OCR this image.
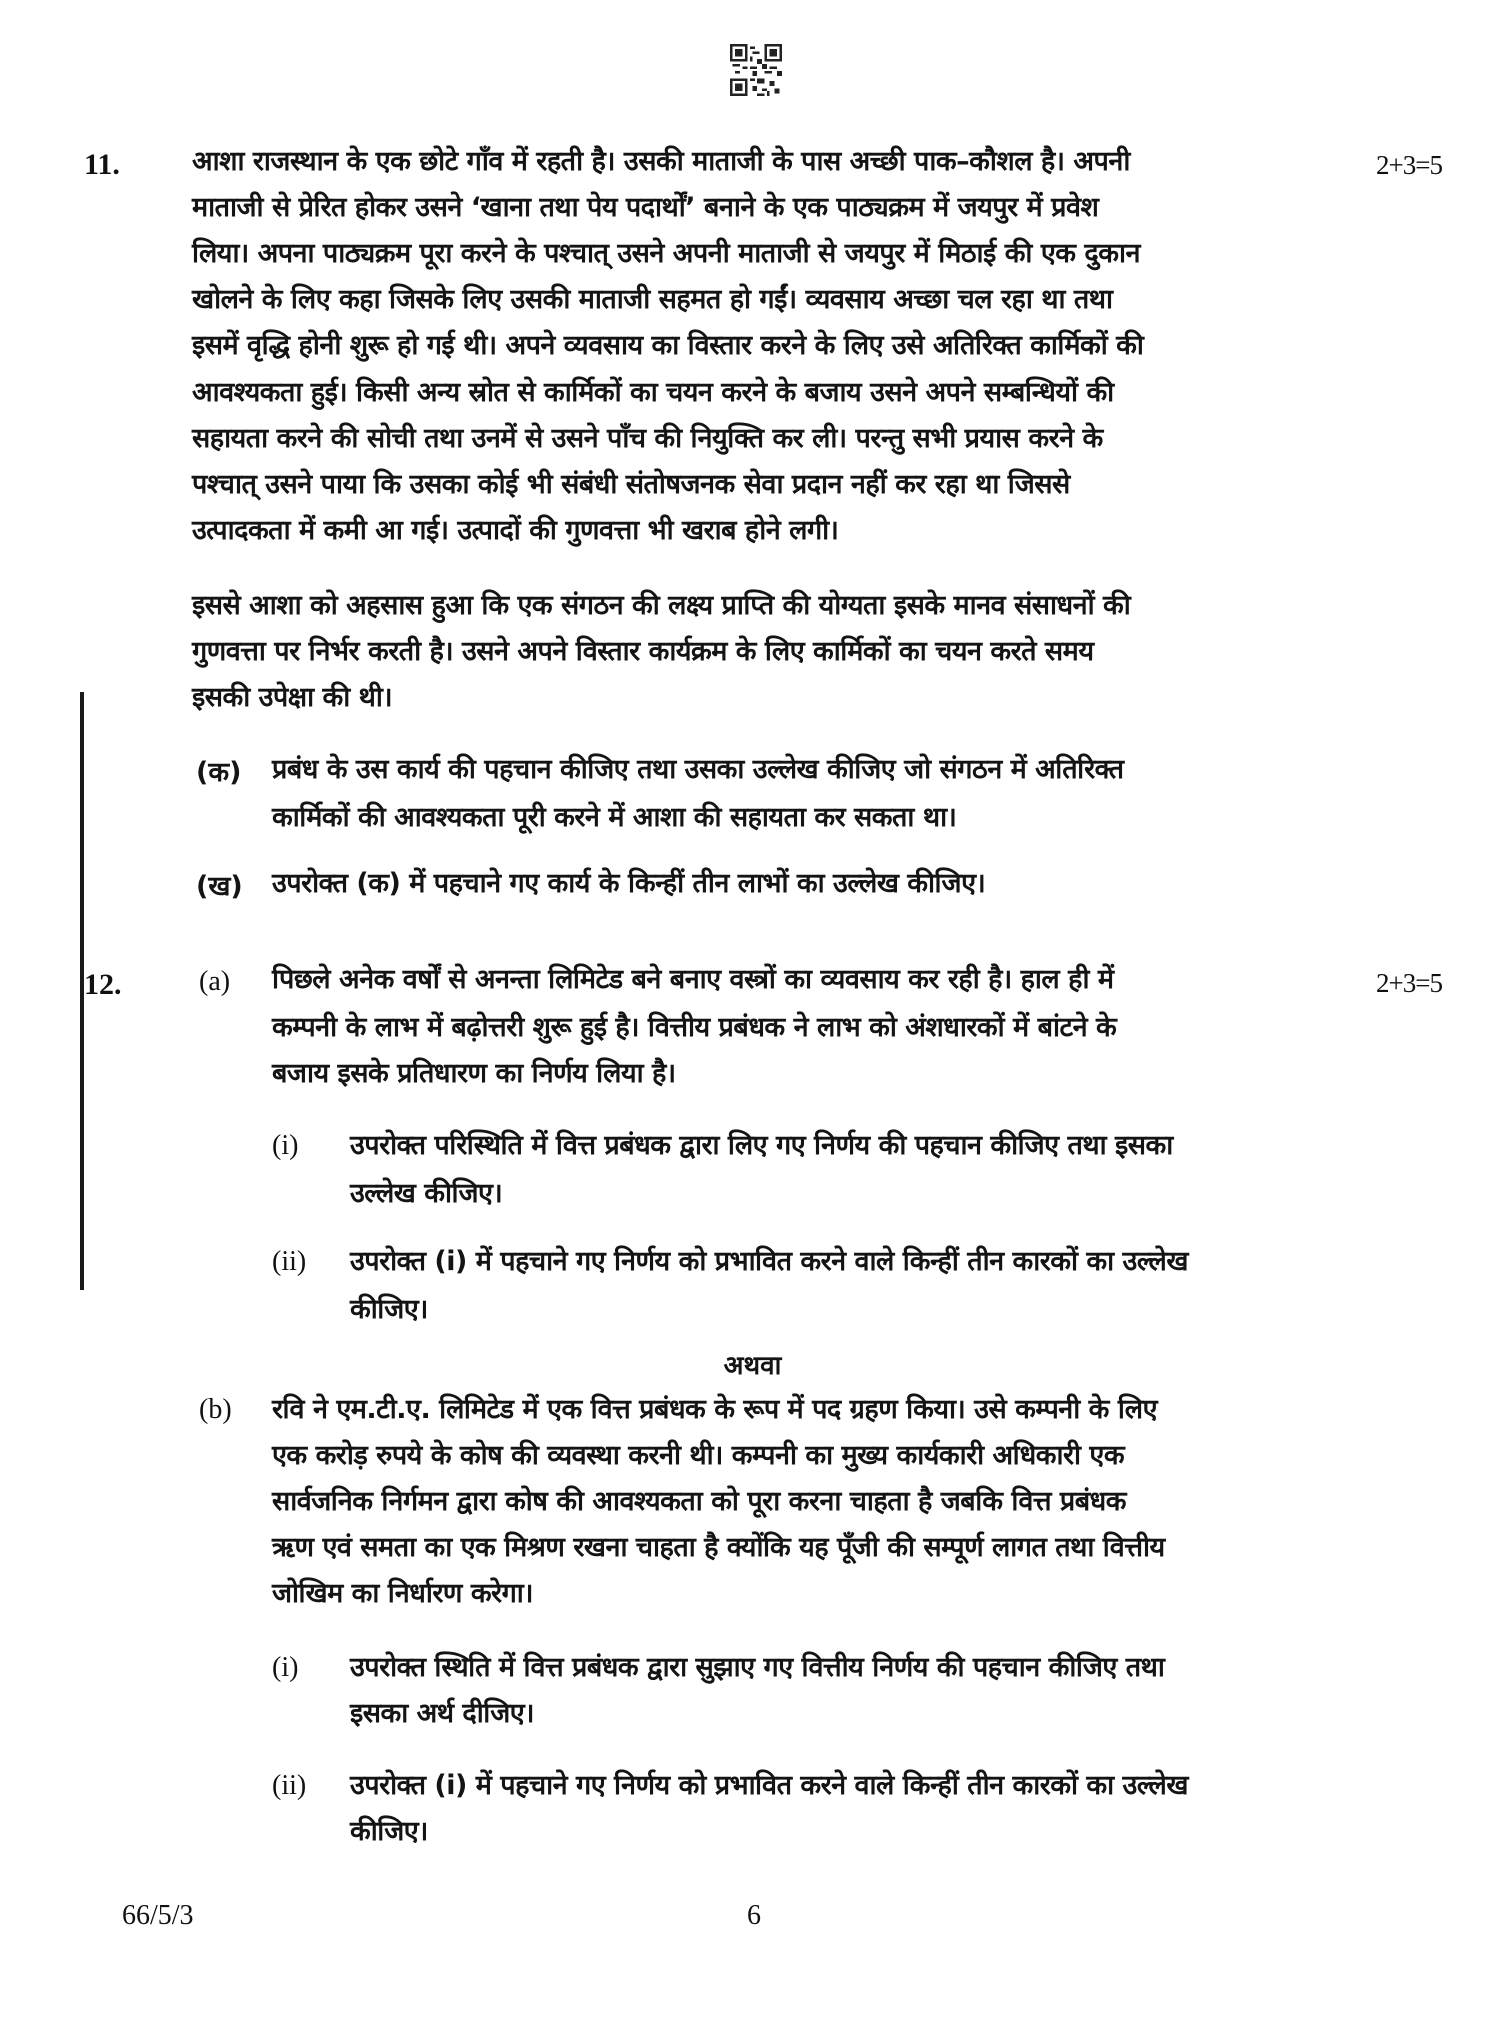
11.	2+3=5
आशा राजस्थान के एक छोटे गाँव में रहती है। उसकी माताजी के पास अच्छी पाक–कौशल है। अपनी
माताजी से प्रेरित होकर उसने ‘खाना तथा पेय पदार्थों’ बनाने के एक पाठ्यक्रम में जयपुर में प्रवेश
लिया। अपना पाठ्यक्रम पूरा करने के पश्चात् उसने अपनी माताजी से जयपुर में मिठाई की एक दुकान
खोलने के लिए कहा जिसके लिए उसकी माताजी सहमत हो गईं। व्यवसाय अच्छा चल रहा था तथा
इसमें वृद्धि होनी शुरू हो गई थी। अपने व्यवसाय का विस्तार करने के लिए उसे अतिरिक्त कार्मिकों की
आवश्यकता हुई। किसी अन्य स्रोत से कार्मिकों का चयन करने के बजाय उसने अपने सम्बन्धियों की
सहायता करने की सोची तथा उनमें से उसने पाँच की नियुक्ति कर ली। परन्तु सभी प्रयास करने के
पश्चात् उसने पाया कि उसका कोई भी संबंधी संतोषजनक सेवा प्रदान नहीं कर रहा था जिससे
उत्पादकता में कमी आ गई। उत्पादों की गुणवत्ता भी खराब होने लगी।
इससे आशा को अहसास हुआ कि एक संगठन की लक्ष्य प्राप्ति की योग्यता इसके मानव संसाधनों की
गुणवत्ता पर निर्भर करती है। उसने अपने विस्तार कार्यक्रम के लिए कार्मिकों का चयन करते समय
इसकी उपेक्षा की थी।
(क) प्रबंध के उस कार्य की पहचान कीजिए तथा उसका उल्लेख कीजिए जो संगठन में अतिरिक्त
कार्मिकों की आवश्यकता पूरी करने में आशा की सहायता कर सकता था।
(ख) उपरोक्त (क) में पहचाने गए कार्य के किन्हीं तीन लाभों का उल्लेख कीजिए।
12.	(a)	2+3=5
पिछले अनेक वर्षों से अनन्ता लिमिटेड बने बनाए वस्त्रों का व्यवसाय कर रही है। हाल ही में
कम्पनी के लाभ में बढ़ोत्तरी शुरू हुई है। वित्तीय प्रबंधक ने लाभ को अंशधारकों में बांटने के
बजाय इसके प्रतिधारण का निर्णय लिया है।
(i) उपरोक्त परिस्थिति में वित्त प्रबंधक द्वारा लिए गए निर्णय की पहचान कीजिए तथा इसका
उल्लेख कीजिए।
(ii) उपरोक्त (i) में पहचाने गए निर्णय को प्रभावित करने वाले किन्हीं तीन कारकों का उल्लेख
कीजिए।
अथवा
(b) रवि ने एम.टी.ए. लिमिटेड में एक वित्त प्रबंधक के रूप में पद ग्रहण किया। उसे कम्पनी के लिए
एक करोड़ रुपये के कोष की व्यवस्था करनी थी। कम्पनी का मुख्य कार्यकारी अधिकारी एक
सार्वजनिक निर्गमन द्वारा कोष की आवश्यकता को पूरा करना चाहता है जबकि वित्त प्रबंधक
ऋण एवं समता का एक मिश्रण रखना चाहता है क्योंकि यह पूँजी की सम्पूर्ण लागत तथा वित्तीय
जोखिम का निर्धारण करेगा।
(i) उपरोक्त स्थिति में वित्त प्रबंधक द्वारा सुझाए गए वित्तीय निर्णय की पहचान कीजिए तथा
इसका अर्थ दीजिए।
(ii) उपरोक्त (i) में पहचाने गए निर्णय को प्रभावित करने वाले किन्हीं तीन कारकों का उल्लेख
कीजिए।
66/5/3	6
